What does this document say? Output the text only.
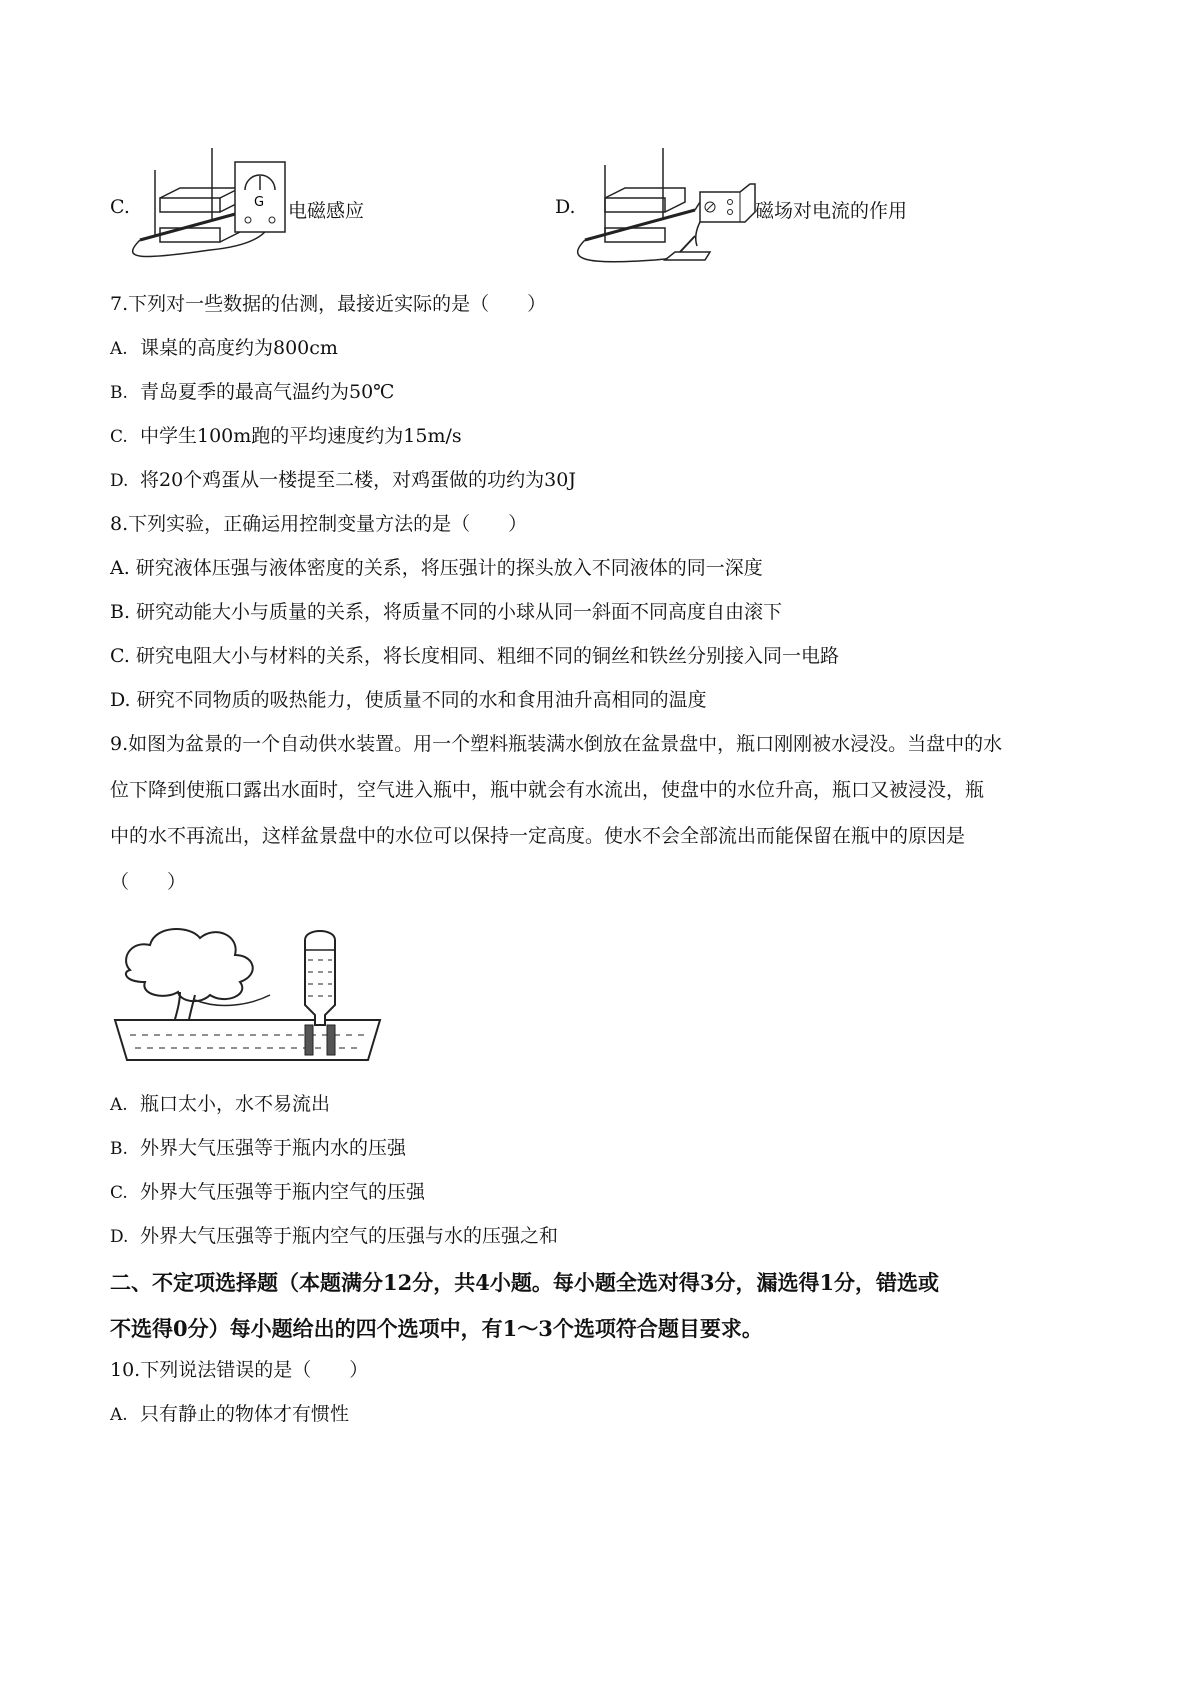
C.	G 电磁感应	D.	磁场对电流的作用
7.下列对一些数据的估测，最接近实际的是（　　）
A. 课桌的高度约为800cm
B. 青岛夏季的最高气温约为50℃
C. 中学生100m跑的平均速度约为15m/s
D. 将20个鸡蛋从一楼提至二楼，对鸡蛋做的功约为30J
8.下列实验，正确运用控制变量方法的是（　　）
A. 研究液体压强与液体密度的关系，将压强计的探头放入不同液体的同一深度
B. 研究动能大小与质量的关系，将质量不同的小球从同一斜面不同高度自由滚下
C. 研究电阻大小与材料的关系，将长度相同、粗细不同的铜丝和铁丝分别接入同一电路
D. 研究不同物质的吸热能力，使质量不同的水和食用油升高相同的温度
9.如图为盆景的一个自动供水装置。用一个塑料瓶装满水倒放在盆景盘中，瓶口刚刚被水浸没。当盘中的水
位下降到使瓶口露出水面时，空气进入瓶中，瓶中就会有水流出，使盘中的水位升高，瓶口又被浸没，瓶
中的水不再流出，这样盆景盘中的水位可以保持一定高度。使水不会全部流出而能保留在瓶中的原因是
（　　）
A. 瓶口太小，水不易流出
B. 外界大气压强等于瓶内水的压强
C. 外界大气压强等于瓶内空气的压强
D. 外界大气压强等于瓶内空气的压强与水的压强之和
二、不定项选择题（本题满分12分，共4小题。每小题全选对得3分，漏选得1分，错选或
不选得0分）每小题给出的四个选项中，有1～3个选项符合题目要求。
10.下列说法错误的是（　　）
A. 只有静止的物体才有惯性
